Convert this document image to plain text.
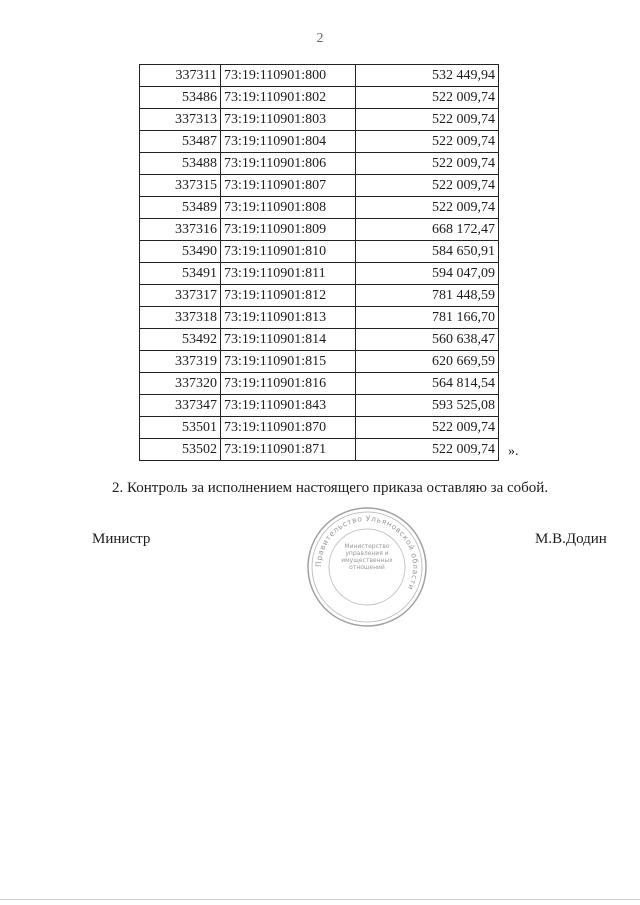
2
337311	73:19:110901:800	532 449,94
53486	73:19:110901:802	522 009,74
337313	73:19:110901:803	522 009,74
53487	73:19:110901:804	522 009,74
53488	73:19:110901:806	522 009,74
337315	73:19:110901:807	522 009,74
53489	73:19:110901:808	522 009,74
337316	73:19:110901:809	668 172,47
53490	73:19:110901:810	584 650,91
53491	73:19:110901:811	594 047,09
337317	73:19:110901:812	781 448,59
337318	73:19:110901:813	781 166,70
53492	73:19:110901:814	560 638,47
337319	73:19:110901:815	620 669,59
337320	73:19:110901:816	564 814,54
337347	73:19:110901:843	593 525,08
53501	73:19:110901:870	522 009,74
53502	73:19:110901:871	522 009,74 ».
2. Контроль за исполнением настоящего приказа оставляю за собой.
Министр	М.В.Додин
Правительство Ульяновской области
Министерство управления и имущественных отношений
